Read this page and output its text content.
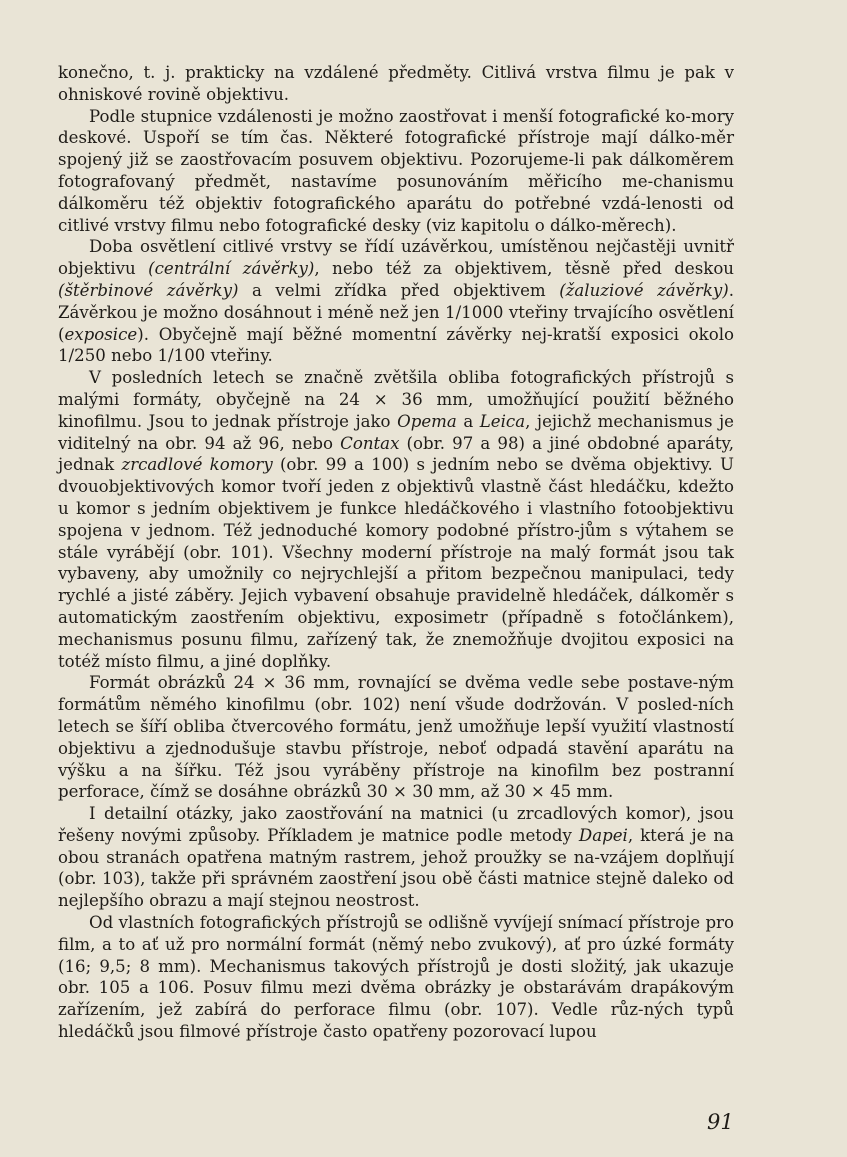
konečno, t. j. prakticky na vzdálené předměty. Citlivá vrstva filmu je pak v ohniskové rovině objektivu.

Podle stupnice vzdálenosti je možno zaostřovat i menší fotografické ko-mory deskové. Uspoří se tím čas. Některé fotografické přístroje mají dálko-měr spojený již se zaostřovacím posuvem objektivu. Pozorujeme-li pak dálkoměrem fotografovaný předmět, nastavíme posunováním měřicího me-chanismu dálkoměru též objektiv fotografického aparátu do potřebné vzdá-lenosti od citlivé vrstvy filmu nebo fotografické desky (viz kapitolu o dálko-měrech).

Doba osvětlení citlivé vrstvy se řídí uzávěrkou, umístěnou nejčastěji uvnitř objektivu (centrální závěrky), nebo též za objektivem, těsně před deskou (štěrbinové závěrky) a velmi zřídka před objektivem (žaluziové závěrky). Závěrkou je možno dosáhnout i méně než jen 1/1000 vteřiny trvajícího osvětlení (exposice). Obyčejně mají běžné momentní závěrky nej-kratší exposici okolo 1/250 nebo 1/100 vteřiny.

V posledních letech se značně zvětšila obliba fotografických přístrojů s malými formáty, obyčejně na 24 × 36 mm, umožňující použití běžného kinofilmu. Jsou to jednak přístroje jako Opema a Leica, jejichž mechanismus je viditelný na obr. 94 až 96, nebo Contax (obr. 97 a 98) a jiné obdobné aparáty, jednak zrcadlové komory (obr. 99 a 100) s jedním nebo se dvěma objektivy. U dvouobjektivových komor tvoří jeden z objektivů vlastně část hledáčku, kdežto u komor s jedním objektivem je funkce hledáčkového i vlastního fotoobjektivu spojena v jednom. Též jednoduché komory podobné přístro-jům s výtahem se stále vyrábějí (obr. 101). Všechny moderní přístroje na malý formát jsou tak vybaveny, aby umožnily co nejrychlejší a přitom bezpečnou manipulaci, tedy rychlé a jisté záběry. Jejich vybavení obsahuje pravidelně hledáček, dálkoměr s automatickým zaostřením objektivu, exposimetr (případně s fotočlánkem), mechanismus posunu filmu, zařízený tak, že znemožňuje dvojitou exposici na totéž místo filmu, a jiné doplňky.

Formát obrázků 24 × 36 mm, rovnající se dvěma vedle sebe postave-ným formátům němého kinofilmu (obr. 102) není všude dodržován. V posled-ních letech se šíří obliba čtvercového formátu, jenž umožňuje lepší využití vlastností objektivu a zjednodušuje stavbu přístroje, neboť odpadá stavění aparátu na výšku a na šířku. Též jsou vyráběny přístroje na kinofilm bez postranní perforace, čímž se dosáhne obrázků 30 × 30 mm, až 30 × 45 mm.

I detailní otázky, jako zaostřování na matnici (u zrcadlových komor), jsou řešeny novými způsoby. Příkladem je matnice podle metody Dapei, která je na obou stranách opatřena matným rastrem, jehož proužky se na-vzájem doplňují (obr. 103), takže při správném zaostření jsou obě části matnice stejně daleko od nejlepšího obrazu a mají stejnou neostrost.

Od vlastních fotografických přístrojů se odlišně vyvíjejí snímací přístroje pro film, a to ať už pro normální formát (němý nebo zvukový), ať pro úzké formáty (16; 9,5; 8 mm). Mechanismus takových přístrojů je dosti složitý, jak ukazuje obr. 105 a 106. Posuv filmu mezi dvěma obrázky je obstarávám drapákovým zařízením, jež zabírá do perforace filmu (obr. 107). Vedle růz-ných typů hledáčků jsou filmové přístroje často opatřeny pozorovací lupou

91
